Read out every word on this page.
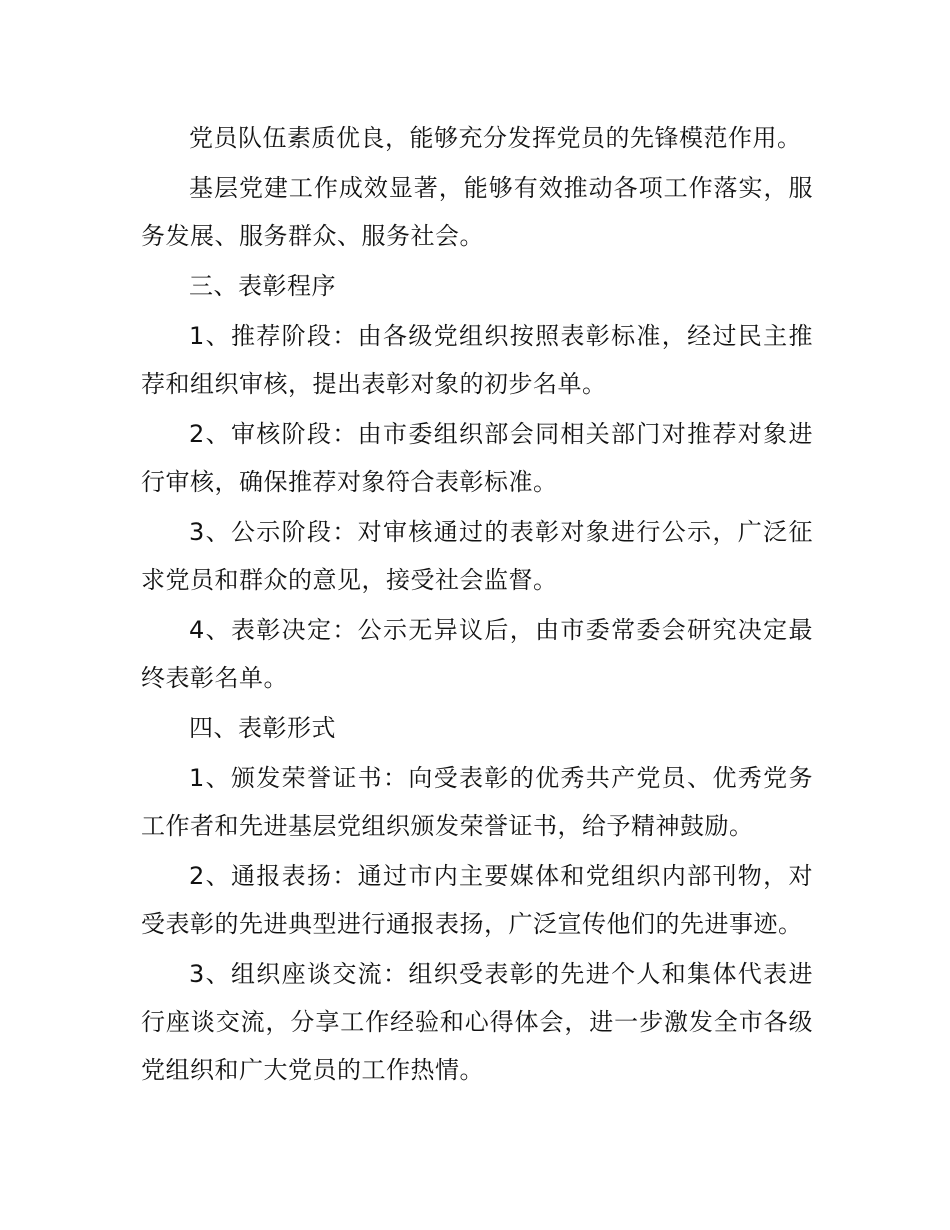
党员队伍素质优良，能够充分发挥党员的先锋模范作用。

基层党建工作成效显著，能够有效推动各项工作落实，服务发展、服务群众、服务社会。

三、表彰程序

1、推荐阶段：由各级党组织按照表彰标准，经过民主推荐和组织审核，提出表彰对象的初步名单。

2、审核阶段：由市委组织部会同相关部门对推荐对象进行审核，确保推荐对象符合表彰标准。

3、公示阶段：对审核通过的表彰对象进行公示，广泛征求党员和群众的意见，接受社会监督。

4、表彰决定：公示无异议后，由市委常委会研究决定最终表彰名单。

四、表彰形式

1、颁发荣誉证书：向受表彰的优秀共产党员、优秀党务工作者和先进基层党组织颁发荣誉证书，给予精神鼓励。

2、通报表扬：通过市内主要媒体和党组织内部刊物，对受表彰的先进典型进行通报表扬，广泛宣传他们的先进事迹。

3、组织座谈交流：组织受表彰的先进个人和集体代表进行座谈交流，分享工作经验和心得体会，进一步激发全市各级党组织和广大党员的工作热情。
